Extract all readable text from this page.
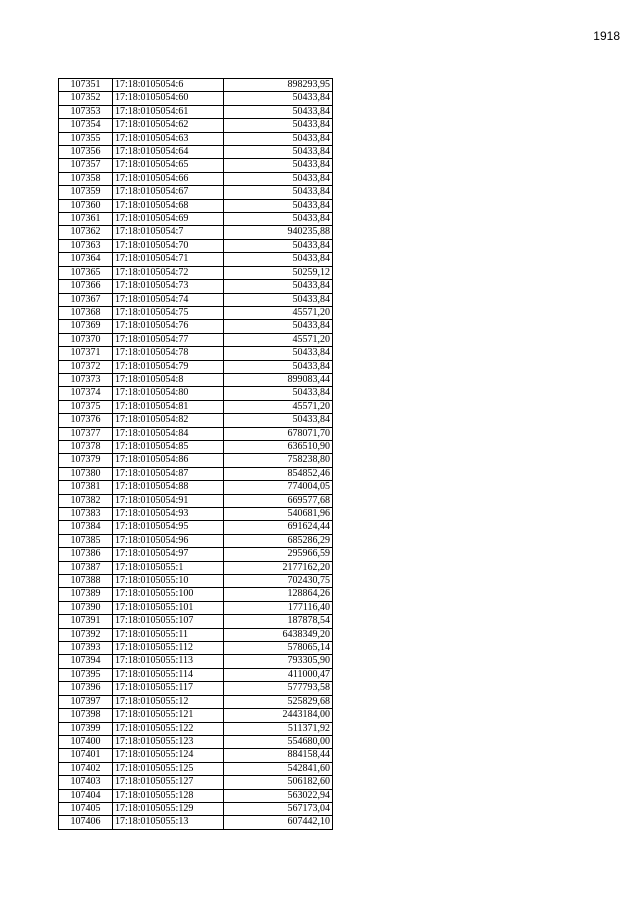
1918
107351	17:18:0105054:6	898293,95
107352	17:18:0105054:60	50433,84
107353	17:18:0105054:61	50433,84
107354	17:18:0105054:62	50433,84
107355	17:18:0105054:63	50433,84
107356	17:18:0105054:64	50433,84
107357	17:18:0105054:65	50433,84
107358	17:18:0105054:66	50433,84
107359	17:18:0105054:67	50433,84
107360	17:18:0105054:68	50433,84
107361	17:18:0105054:69	50433,84
107362	17:18:0105054:7	940235,88
107363	17:18:0105054:70	50433,84
107364	17:18:0105054:71	50433,84
107365	17:18:0105054:72	50259,12
107366	17:18:0105054:73	50433,84
107367	17:18:0105054:74	50433,84
107368	17:18:0105054:75	45571,20
107369	17:18:0105054:76	50433,84
107370	17:18:0105054:77	45571,20
107371	17:18:0105054:78	50433,84
107372	17:18:0105054:79	50433,84
107373	17:18:0105054:8	899083,44
107374	17:18:0105054:80	50433,84
107375	17:18:0105054:81	45571,20
107376	17:18:0105054:82	50433,84
107377	17:18:0105054:84	678071,70
107378	17:18:0105054:85	636510,90
107379	17:18:0105054:86	758238,80
107380	17:18:0105054:87	854852,46
107381	17:18:0105054:88	774004,05
107382	17:18:0105054:91	669577,68
107383	17:18:0105054:93	540681,96
107384	17:18:0105054:95	691624,44
107385	17:18:0105054:96	685286,29
107386	17:18:0105054:97	295966,59
107387	17:18:0105055:1	2177162,20
107388	17:18:0105055:10	702430,75
107389	17:18:0105055:100	128864,26
107390	17:18:0105055:101	177116,40
107391	17:18:0105055:107	187878,54
107392	17:18:0105055:11	6438349,20
107393	17:18:0105055:112	578065,14
107394	17:18:0105055:113	793305,90
107395	17:18:0105055:114	411000,47
107396	17:18:0105055:117	577793,58
107397	17:18:0105055:12	525829,68
107398	17:18:0105055:121	2443184,00
107399	17:18:0105055:122	511371,92
107400	17:18:0105055:123	554680,00
107401	17:18:0105055:124	884158,44
107402	17:18:0105055:125	542841,60
107403	17:18:0105055:127	506182,60
107404	17:18:0105055:128	563022,94
107405	17:18:0105055:129	567173,04
107406	17:18:0105055:13	607442,10
